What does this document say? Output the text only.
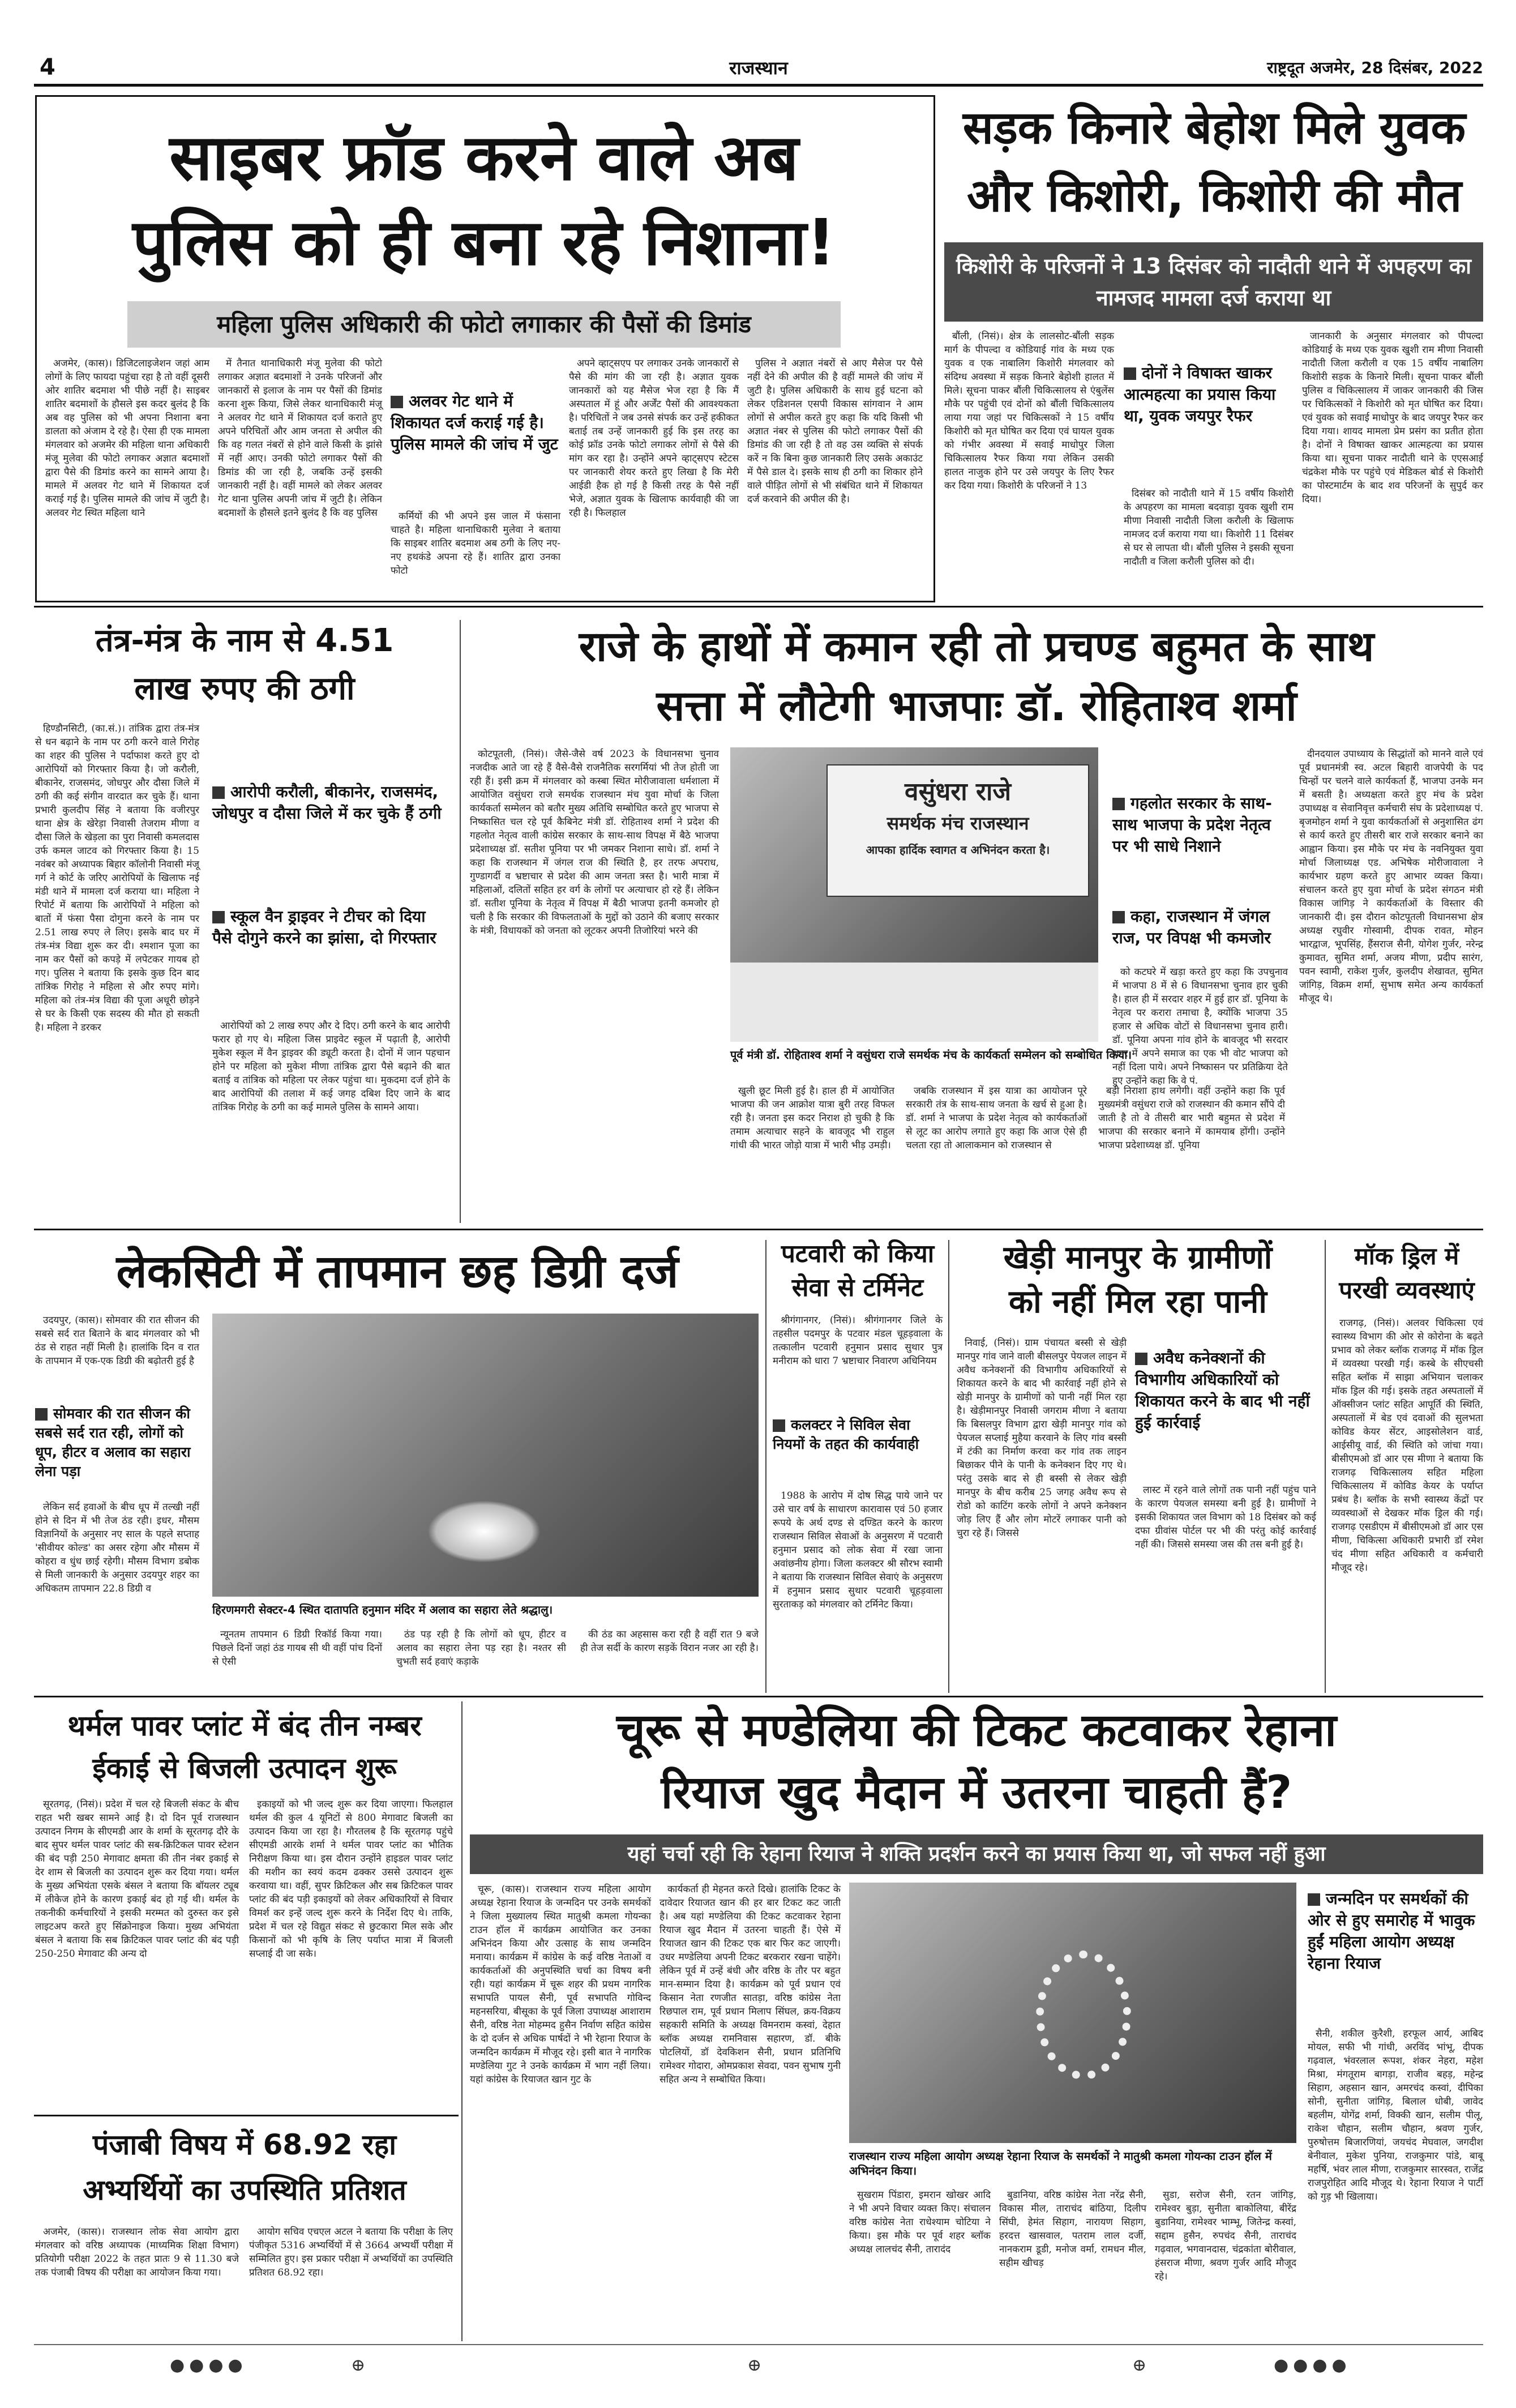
4	राजस्थान	राष्ट्रदूत अजमेर, 28 दिसंबर, 2022
साइबर फ्रॉड करने वाले अब
पुलिस को ही बना रहे निशाना!
महिला पुलिस अधिकारी की फोटो लगाकार की पैसों की डिमांड

अजमेर, (कास)। डिजिटलाइजेशन जहां आम लोगों के लिए फायदा पहुंचा रहा है तो वहीं दूसरी ओर शातिर बदमाश भी पीछे नहीं है। साइबर शातिर बदमाशों के हौसले इस कदर बुलंद है कि अब वह पुलिस को भी अपना निशाना बना डालता को अंजाम दे रहे है। ऐसा ही एक मामला मंगलवार को अजमेर की महिला थाना अधिकारी मंजू मुलेवा की फोटो लगाकर अज्ञात बदमाशों द्वारा पैसे की डिमांड करने का सामने आया है। मामले में अलवर गेट थाने में शिकायत दर्ज कराई गई है। पुलिस मामले की जांच में जुटी है। अलवर गेट स्थित महिला थाने

में तैनात थानाधिकारी मंजू मुलेवा की फोटो लगाकर अज्ञात बदमाशों ने उनके परिजनों और जानकारों से इलाज के नाम पर पैसों की डिमांड करना शुरू किया, जिसे लेकर थानाधिकारी मंजू ने अलवर गेट थाने में शिकायत दर्ज कराते हुए अपने परिचितों और आम जनता से अपील की कि वह गलत नंबरों से होने वाले किसी के झांसे में नहीं आए। उनकी फोटो लगाकर पैसों की डिमांड की जा रही है, जबकि उन्हें इसकी जानकारी नहीं है। वहीं मामले को लेकर अलवर गेट थाना पुलिस अपनी जांच में जुटी है। लेकिन बदमाशों के हौसले इतने बुलंद है कि वह पुलिस

अलवर गेट थाने में शिकायत दर्ज कराई गई है। पुलिस मामले की जांच में जुट

कर्मियों की भी अपने इस जाल में फंसाना चाहते है। महिला थानाधिकारी मुलेवा ने बताया कि साइबर शातिर बदमाश अब ठगी के लिए नए-नए हथकंडे अपना रहे हैं। शातिर द्वारा उनका फोटो

अपने व्हाट्सएप पर लगाकर उनके जानकारों से पैसे की मांग की जा रही है। अज्ञात युवक जानकारों को यह मैसेज भेज रहा है कि मैं अस्पताल में हूं और अर्जेंट पैसों की आवश्यकता है। परिचितों ने जब उनसे संपर्क कर उन्हें हकीकत बताई तब उन्हें जानकारी हुई कि इस तरह का कोई फ्रॉड उनके फोटो लगाकर लोगों से पैसे की मांग कर रहा है। उन्होंने अपने व्हाट्सएप स्टेटस पर जानकारी शेयर करते हुए लिखा है कि मेरी आईडी हैक हो गई है किसी तरह के पैसे नहीं भेजे, अज्ञात युवक के खिलाफ कार्यवाही की जा रही है। फिलहाल

पुलिस ने अज्ञात नंबरों से आए मैसेज पर पैसे नहीं देने की अपील की है वहीं मामले की जांच में जुटी है। पुलिस अधिकारी के साथ हुई घटना को लेकर एडिशनल एसपी विकास सांगवान ने आम लोगों से अपील करते हुए कहा कि यदि किसी भी अज्ञात नंबर से पुलिस की फोटो लगाकर पैसों की डिमांड की जा रही है तो वह उस व्यक्ति से संपर्क करें न कि बिना कुछ जानकारी लिए उसके अकाउंट में पैसे डाल दे। इसके साथ ही ठगी का शिकार होने वाले पीड़ित लोगों से भी संबंधित थाने में शिकायत दर्ज करवाने की अपील की है।

सड़क किनारे बेहोश मिले युवक
और किशोरी, किशोरी की मौत
किशोरी के परिजनों ने 13 दिसंबर को नादौती थाने में अपहरण का नामजद मामला दर्ज कराया था

बौंली, (निसं)। क्षेत्र के लालसोट-बौंली सड़क मार्ग के पीपल्दा व कोडियाई गांव के मध्य एक युवक व एक नाबालिग किशोरी मंगलवार को संदिग्ध अवस्था में सड़क किनारे बेहोशी हालत में मिले। सूचना पाकर बौंली चिकित्सालय से एंबुलेंस मौके पर पहुंची एवं दोनों को बौंली चिकित्सालय लाया गया जहां पर चिकित्सकों ने 15 वर्षीय किशोरी को मृत घोषित कर दिया एवं घायल युवक को गंभीर अवस्था में सवाई माधोपुर जिला चिकित्सालय रैफर किया गया लेकिन उसकी हालत नाजुक होने पर उसे जयपुर के लिए रैफर कर दिया गया। किशोरी के परिजनों ने 13

दोनों ने विषाक्त खाकर आत्महत्या का प्रयास किया था, युवक जयपुर रैफर

दिसंबर को नादौती थाने में 15 वर्षीय किशोरी के अपहरण का मामला बदवाड़ा युवक खुशी राम मीणा निवासी नादौती जिला करौली के खिलाफ नामजद दर्ज कराया गया था। किशोरी 11 दिसंबर से घर से लापता थी। बौंली पुलिस ने इसकी सूचना नादौती व जिला करौली पुलिस को दी।

जानकारी के अनुसार मंगलवार को पीपल्दा कोडियाई के मध्य एक युवक खुशी राम मीणा निवासी नादौती जिला करौली व एक 15 वर्षीय नाबालिग किशोरी सड़क के किनारे मिली। सूचना पाकर बौंली पुलिस व चिकित्सालय में जाकर जानकारी की जिस पर चिकित्सकों ने किशोरी को मृत घोषित कर दिया। एवं युवक को सवाई माधोपुर के बाद जयपुर रैफर कर दिया गया। शायद मामला प्रेम प्रसंग का प्रतीत होता है। दोनों ने विषाक्त खाकर आत्महत्या का प्रयास किया था। सूचना पाकर नादौती थाने के एएसआई चंद्रकेश मौके पर पहुंचे एवं मेडिकल बोर्ड से किशोरी का पोस्टमार्टम के बाद शव परिजनों के सुपुर्द कर दिया।

तंत्र-मंत्र के नाम से 4.51
लाख रुपए की ठगी

हिण्डौनसिटी, (का.सं.)। तांत्रिक द्वारा तंत्र-मंत्र से धन बढ़ाने के नाम पर ठगी करने वाले गिरोह का शहर की पुलिस ने पर्दाफाश करते हुए दो आरोपियों को गिरफ्तार किया है। जो करौली, बीकानेर, राजसमंद, जोधपुर और दौसा जिले में ठगी की कई संगीन वारदात कर चुके हैं। थाना प्रभारी कुलदीप सिंह ने बताया कि वजीरपुर थाना क्षेत्र के खेरेड़ा निवासी तेजराम मीणा व दौसा जिले के खेड़ला का पुरा निवासी कमलदास उर्फ कमल जाटव को गिरफ्तार किया है। 15 नवंबर को अध्यापक बिहार कॉलोनी निवासी मंजू गर्ग ने कोर्ट के जरिए आरोपियों के खिलाफ नई मंडी थाने में मामला दर्ज कराया था। महिला ने रिपोर्ट में बताया कि आरोपियों ने महिला को बातों में फंसा पैसा दोगुना करने के नाम पर 2.51 लाख रुपए ले लिए। इसके बाद घर में तंत्र-मंत्र विद्या शुरू कर दी। श्मशान पूजा का नाम कर पैसों को कपड़े में लपेटकर गायब हो गए। पुलिस ने बताया कि इसके कुछ दिन बाद तांत्रिक गिरोह ने महिला से और रुपए मांगे। महिला को तंत्र-मंत्र विद्या की पूजा अधूरी छोड़ने से घर के किसी एक सदस्य की मौत हो सकती है। महिला ने डरकर

आरोपी करौली, बीकानेर, राजसमंद, जोधपुर व दौसा जिले में कर चुके हैं ठगी
स्कूल वैन ड्राइवर ने टीचर को दिया पैसे दोगुने करने का झांसा, दो गिरफ्तार

आरोपियों को 2 लाख रुपए और दे दिए। ठगी करने के बाद आरोपी फरार हो गए थे। महिला जिस प्राइवेट स्कूल में पढ़ाती है, आरोपी मुकेश स्कूल में वैन ड्राइवर की ड्यूटी करता है। दोनों में जान पहचान होने पर महिला को मुकेश मीणा तांत्रिक द्वारा पैसे बढ़ाने की बात बताई व तांत्रिक को महिला पर लेकर पहुंचा था। मुकदमा दर्ज होने के बाद आरोपियों की तलाश में कई जगह दबिश दिए जाने के बाद तांत्रिक गिरोह के ठगी का कई मामले पुलिस के सामने आया।

राजे के हाथों में कमान रही तो प्रचण्ड बहुमत के साथ
सत्ता में लौटेगी भाजपाः डॉ. रोहिताश्व शर्मा

कोटपूतली, (निसं)। जैसे-जैसे वर्ष 2023 के विधानसभा चुनाव नजदीक आते जा रहे हैं वैसे-वैसे राजनैतिक सरगर्मियां भी तेज होती जा रही हैं। इसी क्रम में मंगलवार को कस्बा स्थित मोरीजावाला धर्मशाला में आयोजित वसुंधरा राजे समर्थक राजस्थान मंच युवा मोर्चा के जिला कार्यकर्ता सम्मेलन को बतौर मुख्य अतिथि सम्बोधित करते हुए भाजपा से निष्कासित चल रहे पूर्व कैबिनेट मंत्री डॉ. रोहिताश्व शर्मा ने प्रदेश की गहलोत नेतृत्व वाली कांग्रेस सरकार के साथ-साथ विपक्ष में बैठे भाजपा प्रदेशाध्यक्ष डॉ. सतीश पूनिया पर भी जमकर निशाना साधे। डॉ. शर्मा ने कहा कि राजस्थान में जंगल राज की स्थिति है, हर तरफ अपराध, गुण्डागर्दी व भ्रष्टाचार से प्रदेश की आम जनता त्रस्त है। भारी मात्रा में महिलाओं, दलितों सहित हर वर्ग के लोगों पर अत्याचार हो रहे हैं। लेकिन डॉ. सतीश पूनिया के नेतृत्व में विपक्ष में बैठी भाजपा इतनी कमजोर हो चली है कि सरकार की विफलताओं के मुद्दों को उठाने की बजाए सरकार के मंत्री, विधायकों को जनता को लूटकर अपनी तिजोरियां भरने की

वसुंधरा राजे
समर्थक मंच राजस्थान
आपका हार्दिक स्वागत व अभिनंदन करता है।
पूर्व मंत्री डॉ. रोहिताश्व शर्मा ने वसुंधरा राजे समर्थक मंच के कार्यकर्ता सम्मेलन को सम्बोधित किया।

खुली छूट मिली हुई है। हाल ही में आयोजित भाजपा की जन आक्रोश यात्रा बुरी तरह विफल रही है। जनता इस कदर निराश हो चुकी है कि तमाम अत्याचार सहने के बावजूद भी राहुल गांधी की भारत जोड़ो यात्रा में भारी भीड़ उमड़ी।

जबकि राजस्थान में इस यात्रा का आयोजन पूरे सरकारी तंत्र के साथ-साथ जनता के खर्च से हुआ है। डॉ. शर्मा ने भाजपा के प्रदेश नेतृत्व को कार्यकर्ताओं से लूट का आरोप लगाते हुए कहा कि आज ऐसे ही चलता रहा तो आलाकमान को राजस्थान से

बड़ी निराशा हाथ लगेगी। वहीं उन्होंने कहा कि पूर्व मुख्यमंत्री वसुंधरा राजे को राजस्थान की कमान सौंपे दी जाती है तो वे तीसरी बार भारी बहुमत से प्रदेश में भाजपा की सरकार बनाने में कामयाब होंगी। उन्होंने भाजपा प्रदेशाध्यक्ष डॉ. पूनिया

गहलोत सरकार के साथ-साथ भाजपा के प्रदेश नेतृत्व पर भी साधे निशाने
कहा, राजस्थान में जंगल राज, पर विपक्ष भी कमजोर

को कटघरे में खड़ा करते हुए कहा कि उपचुनाव में भाजपा 8 में से 6 विधानसभा चुनाव हार चुकी है। हाल ही में सरदार शहर में हुई हार डॉ. पूनिया के नेतृत्व पर करारा तमाचा है, क्योंकि भाजपा 35 हजार से अधिक वोटों से विधानसभा चुनाव हारी। डॉ. पूनिया अपना गांव होने के बावजूद भी सरदार शहर में अपने समाज का एक भी वोट भाजपा को नहीं दिला पाये। अपने निष्कासन पर प्रतिक्रिया देते हुए उन्होंने कहा कि वे पं.

दीनदयाल उपाध्याय के सिद्धांतों को मानने वाले एवं पूर्व प्रधानमंत्री स्व. अटल बिहारी वाजपेयी के पद चिन्हों पर चलने वाले कार्यकर्ता हैं, भाजपा उनके मन में बसती है। अध्यक्षता करते हुए मंच के प्रदेश उपाध्यक्ष व सेवानिवृत्त कर्मचारी संघ के प्रदेशाध्यक्ष पं. बृजमोहन शर्मा ने युवा कार्यकर्ताओं से अनुशासित ढंग से कार्य करते हुए तीसरी बार राजे सरकार बनाने का आह्वान किया। इस मौके पर मंच के नवनियुक्त युवा मोर्चा जिलाध्यक्ष एड. अभिषेक मोरीजावाला ने कार्यभार ग्रहण करते हुए आभार व्यक्त किया। संचालन करते हुए युवा मोर्चा के प्रदेश संगठन मंत्री विकास जांगिड़ ने कार्यकर्ताओं के विस्तार की जानकारी दी। इस दौरान कोटपूतली विधानसभा क्षेत्र अध्यक्ष रघुवीर गोस्वामी, दीपक रावत, मोहन भारद्वाज, भूपसिंह, हैंसराज सैनी, योगेश गुर्जर, नरेन्द्र कुमावत, सुमित शर्मा, अजय मीणा, प्रदीप सारंग, पवन स्वामी, राकेश गुर्जर, कुलदीप शेखावत, सुमित जांगिड़, विक्रम शर्मा, सुभाष समेत अन्य कार्यकर्ता मौजूद थे।

लेकसिटी में तापमान छह डिग्री दर्ज

उदयपुर, (कास)। सोमवार की रात सीजन की सबसे सर्द रात बिताने के बाद मंगलवार को भी ठंड से राहत नहीं मिली है। हालांकि दिन व रात के तापमान में एक-एक डिग्री की बढ़ोतरी हुई है

सोमवार की रात सीजन की सबसे सर्द रात रही, लोगों को धूप, हीटर व अलाव का सहारा लेना पड़ा

लेकिन सर्द हवाओं के बीच धूप में तल्खी नहीं होने से दिन में भी तेज ठंड रही। इधर, मौसम विज्ञानियों के अनुसार नए साल के पहले सप्ताह 'सीवीयर कोल्ड' का असर रहेगा और मौसम में कोहरा व धुंध छाई रहेगी। मौसम विभाग डबोक से मिली जानकारी के अनुसार उदयपुर शहर का अधिकतम तापमान 22.8 डिग्री व

हिरणमगरी सेक्टर-4 स्थित दातापति हनुमान मंदिर में अलाव का सहारा लेते श्रद्धालु।

न्यूनतम तापमान 6 डिग्री रिकॉर्ड किया गया। पिछले दिनों जहां ठंड गायब सी थी वहीं पांच दिनों से ऐसी

ठंड पड़ रही है कि लोगों को धूप, हीटर व अलाव का सहारा लेना पड़ रहा है। नश्तर सी चुभती सर्द हवाएं कड़ाके

की ठंड का अहसास करा रही है वहीं रात 9 बजे ही तेज सर्दी के कारण सड़कें विरान नजर आ रही है।

पटवारी को किया
सेवा से टर्मिनेट

श्रीगंगानगर, (निसं)। श्रीगंगानगर जिले के तहसील पदमपुर के पटवार मंडल चूहड़वाला के तत्कालीन पटवारी हनुमान प्रसाद सुथार पुत्र मनीराम को धारा 7 भ्रष्टाचार निवारण अधिनियम

कलक्टर ने सिविल सेवा नियमों के तहत की कार्यवाही

1988 के आरोप में दोष सिद्ध पाये जाने पर उसे चार वर्ष के साधारण कारावास एवं 50 हजार रूपये के अर्थ दण्ड से दण्डित करने के कारण राजस्थान सिविल सेवाओं के अनुसरण में पटवारी हनुमान प्रसाद को लोक सेवा में रखा जाना अवांछनीय होगा। जिला कलक्टर श्री सौरभ स्वामी ने बताया कि राजस्थान सिविल सेवाएं के अनुसरण में हनुमान प्रसाद सुथार पटवारी चूहड़वाला सुरताकड़ को मंगलवार को टर्मिनेट किया।

खेड़ी मानपुर के ग्रामीणों
को नहीं मिल रहा पानी

निवाई, (निसं)। ग्राम पंचायत बस्सी से खेड़ी मानपुर गांव जाने वाली बीसलपुर पेयजल लाइन में अवैध कनेक्शनों की विभागीय अधिकारियों से शिकायत करने के बाद भी कार्रवाई नहीं होने से खेड़ी मानपुर के ग्रामीणों को पानी नहीं मिल रहा है। खेड़ीमानपुर निवासी जगराम मीणा ने बताया कि बिसलपुर विभाग द्वारा खेड़ी मानपुर गांव को पेयजल सप्लाई मुहैया करवाने के लिए गांव बस्सी में टंकी का निर्माण करवा कर गांव तक लाइन बिछाकर पीने के पानी के कनेक्शन दिए गए थे। परंतु उसके बाद से ही बस्सी से लेकर खेड़ी मानपुर के बीच करीब 25 जगह अवैध रूप से रोडो को काटिंग करके लोगों ने अपने कनेक्शन जोड़ लिए हैं और लोग मोटरें लगाकर पानी को चुरा रहे हैं। जिससे

अवैध कनेक्शनों की विभागीय अधिकारियों को शिकायत करने के बाद भी नहीं हुई कार्रवाई

लास्ट में रहने वाले लोगों तक पानी नहीं पहुंच पाने के कारण पेयजल समस्या बनी हुई है। ग्रामीणों ने इसकी शिकायत जल विभाग को 18 दिसंबर को कई दफा ग्रीवांस पोर्टल पर भी की परंतु कोई कार्रवाई नहीं की। जिससे समस्या जस की तस बनी हुई है।

मॉक ड्रिल में
परखी व्यवस्थाएं

राजगढ़, (निसं)। अलवर चिकित्सा एवं स्वास्थ्य विभाग की ओर से कोरोना के बढ़ते प्रभाव को लेकर ब्लॉक राजगढ़ में मॉक ड्रिल में व्यवस्था परखी गई। कस्बे के सीएचसी सहित ब्लॉक में साझा अभियान चलाकर मॉक ड्रिल की गई। इसके तहत अस्पतालों में ऑक्सीजन प्लांट सहित आपूर्ति की स्थिति, अस्पतालों में बेड एवं दवाओं की सुलभता कोविड केयर सेंटर, आइसोलेशन वार्ड, आईसीयू वार्ड, की स्थिति को जांचा गया। बीसीएमओ डॉ आर एस मीणा ने बताया कि राजगढ़ चिकित्सालय सहित महिला चिकित्सालय में कोविड केयर के पर्याप्त प्रबंध है। ब्लॉक के सभी स्वास्थ्य केंद्रों पर व्यवस्थाओं से देखकर मॉक ड्रिल की गई। राजगढ़ एसडीएम में बीसीएमओ डॉ आर एस मीणा, चिकित्सा अधिकारी प्रभारी डॉ रमेश चंद मीणा सहित अधिकारी व कर्मचारी मौजूद रहे।

थर्मल पावर प्लांट में बंद तीन नम्बर
ईकाई से बिजली उत्पादन शुरू

सूरतगढ़, (निसं)। प्रदेश में चल रहे बिजली संकट के बीच राहत भरी खबर सामने आई है। दो दिन पूर्व राजस्थान उत्पादन निगम के सीएमडी आर के शर्मा के सूरतगढ़ दौरे के बाद सुपर थर्मल पावर प्लांट की सब-क्रिटिकल पावर स्टेशन की बंद पड़ी 250 मेगावाट क्षमता की तीन नंबर इकाई से देर शाम से बिजली का उत्पादन शुरू कर दिया गया। थर्मल के मुख्य अभियंता एसके बंसल ने बताया कि बॉयलर ट्यूब में लीकेज होने के कारण इकाई बंद हो गई थी। थर्मल के तकनीकी कर्मचारियों ने इसकी मरम्मत को दुरुस्त कर इसे लाइटअप करते हुए सिंक्रोनाइज किया। मुख्य अभियंता बंसल ने बताया कि सब क्रिटिकल पावर प्लांट की बंद पड़ी 250-250 मेगावाट की अन्य दो

इकाइयों को भी जल्द शुरू कर दिया जाएगा। फिलहाल थर्मल की कुल 4 यूनिटों से 800 मेगावाट बिजली का उत्पादन किया जा रहा है। गौरतलब है कि सूरतगढ़ पहुंचे सीएमडी आरके शर्मा ने थर्मल पावर प्लांट का भौतिक निरीक्षण किया था। इस दौरान उन्होंने हाइडल पावर प्लांट की मशीन का स्वयं कदम ढक्कर उससे उत्पादन शुरू करवाया था। वहीं, सुपर क्रिटिकल और सब क्रिटिकल पावर प्लांट की बंद पड़ी इकाइयों को लेकर अधिकारियों से विचार विमर्श कर इन्हें जल्द शुरू करने के निर्देश दिए थे। ताकि, प्रदेश में चल रहे विद्युत संकट से छुटकारा मिल सके और किसानों को भी कृषि के लिए पर्याप्त मात्रा में बिजली सप्लाई दी जा सके।

पंजाबी विषय में 68.92 रहा
अभ्यर्थियों का उपस्थिति प्रतिशत

अजमेर, (कास)। राजस्थान लोक सेवा आयोग द्वारा मंगलवार को वरिष्ठ अध्यापक (माध्यमिक शिक्षा विभाग) प्रतियोगी परीक्षा 2022 के तहत प्रातः 9 से 11.30 बजे तक पंजाबी विषय की परीक्षा का आयोजन किया गया।

आयोग सचिव एचएल अटल ने बताया कि परीक्षा के लिए पंजीकृत 5316 अभ्यर्थियों में से 3664 अभ्यर्थी परीक्षा में सम्मिलित हुए। इस प्रकार परीक्षा में अभ्यर्थियों का उपस्थिति प्रतिशत 68.92 रहा।

चूरू से मण्डेलिया की टिकट कटवाकर रेहाना
रियाज खुद मैदान में उतरना चाहती हैं?
यहां चर्चा रही कि रेहाना रियाज ने शक्ति प्रदर्शन करने का प्रयास किया था, जो सफल नहीं हुआ

चूरू, (कास)। राजस्थान राज्य महिला आयोग अध्यक्ष रेहाना रियाज के जन्मदिन पर उनके समर्थकों ने जिला मुख्यालय स्थित मातुश्री कमला गोयन्का टाउन हॉल में कार्यक्रम आयोजित कर उनका अभिनंदन किया और उत्साह के साथ जन्मदिन मनाया। कार्यक्रम में कांग्रेस के कई वरिष्ठ नेताओं व कार्यकर्ताओं की अनुपस्थिति चर्चा का विषय बनी रही। यहां कार्यक्रम में चूरू शहर की प्रथम नागरिक सभापति पायल सैनी, पूर्व सभापति गोविन्द महनसरिया, बीसूका के पूर्व जिला उपाध्यक्ष आशाराम सैनी, वरिष्ठ नेता मोहम्मद हुसैन निर्वाण सहित कांग्रेस के दो दर्जन से अधिक पार्षदों ने भी रेहाना रियाज के जन्मदिन कार्यक्रम में मौजूद रहे। इसी बात ने नागरिक मण्डेलिया गुट ने उनके कार्यक्रम में भाग नहीं लिया। यहां कांग्रेस के रियाजत खान गुट के

कार्यकर्ता ही मेहनत करते दिखे। हालांकि टिकट के दावेदार रियाजत खान की हर बार टिकट कट जाती है। अब यहां मण्डेलिया की टिकट कटवाकर रेहाना रियाज खुद मैदान में उतरना चाहती हैं। ऐसे में रियाजत खान की टिकट एक बार फिर कट जाएगी। उधर मण्डेलिया अपनी टिकट बरकरार रखना चाहेंगे। लेकिन पूर्व में उन्हें बंधी और वरिष्ठ के तौर पर बहुत मान-सम्मान दिया है। कार्यक्रम को पूर्व प्रधान एवं किसान नेता रणजीत सातड़ा, वरिष्ठ कांग्रेस नेता रिछपाल राम, पूर्व प्रधान मिलाप सिंघल, क्रय-विक्रय सहकारी समिति के अध्यक्ष विमनराम कस्वां, देहात ब्लॉक अध्यक्ष रामनिवास सहारण, डॉ. बीके पोटलियों, डॉ देवकिशन सैनी, प्रधान प्रतिनिधि रामेश्वर गोदारा, ओमप्रकाश सेवदा, पवन सुभाष गुनी सहित अन्य ने सम्बोधित किया।

राजस्थान राज्य महिला आयोग अध्यक्ष रेहाना रियाज के समर्थकों ने मातुश्री कमला गोयन्का टाउन हॉल में अभिनंदन किया।

सुखराम पिंडारा, इमरान खोखर आदि ने भी अपने विचार व्यक्त किए। संचालन वरिष्ठ कांग्रेस नेता राधेश्याम चोटिया ने किया। इस मौके पर पूर्व शहर ब्लॉक अध्यक्ष लालचंद सैनी, तारादंद

बुडानिया, वरिष्ठ कांग्रेस नेता नरेंद्र सैनी, विकास मील, ताराचंद बांठिया, दिलीप सिंघी, हेमंत सिहाग, नारायण सिहाग, हरदत्त खासवाल, पतराम लाल दर्जी, नानकराम डूडी, मनोज वर्मा, रामधन मील, सहीम खीचड़

सुडा, सरोज सैनी, रतन जांगिड़, रामेश्वर बुड़ा, सुनीता बाकोलिया, बीरेंद्र बुडानिया, रामेश्वर भाम्भू, जितेन्द्र कस्वां, सद्दाम हुसैन, रुपचंद सैनी, ताराचंद गढ़वाल, भगवानदास, चंद्रकांता बोरीवाल, हंसराज मीणा, श्रवण गुर्जर आदि मौजूद रहे।

जन्मदिन पर समर्थकों की ओर से हुए समारोह में भावुक हुईं महिला आयोग अध्यक्ष रेहाना रियाज

सैनी, शकील कुरैशी, हरफूल आर्य, आबिद मोयल, सफी भी गांधी, अरविंद भांभू, दीपक गढ़वाल, भंवरलाल रूपश, शंकर नेहरा, महेश मिश्रा, मंगतूराम बागड़ा, राजीव बहड़, महेन्द्र सिहाग, अहसान खान, अमरचंद कस्वां, दीपिका सोनी, सुनीता जांगिड़, बिलाल धोबी, जावेद बहलीम, योगेंद्र शर्मा, विक्की खान, सलीम पीलू, राकेश चौहान, सलीम चौहान, श्रवण गुर्जर, पुरुषोत्तम बिजारणियां, जयचंद मेघवाल, जगदीश बेनीवाल, मुकेश पुनिया, राजकुमार पांडे, बाबू महर्षि, भंवर लाल मीणा, राजकुमार सारस्वत, राजेंद्र राजपुरोहित आदि मौजूद थे। रेहाना रियाज ने पार्टी को गुड़ भी खिलाया।

●●●●	⊕	⊕	⊕	●●●●
